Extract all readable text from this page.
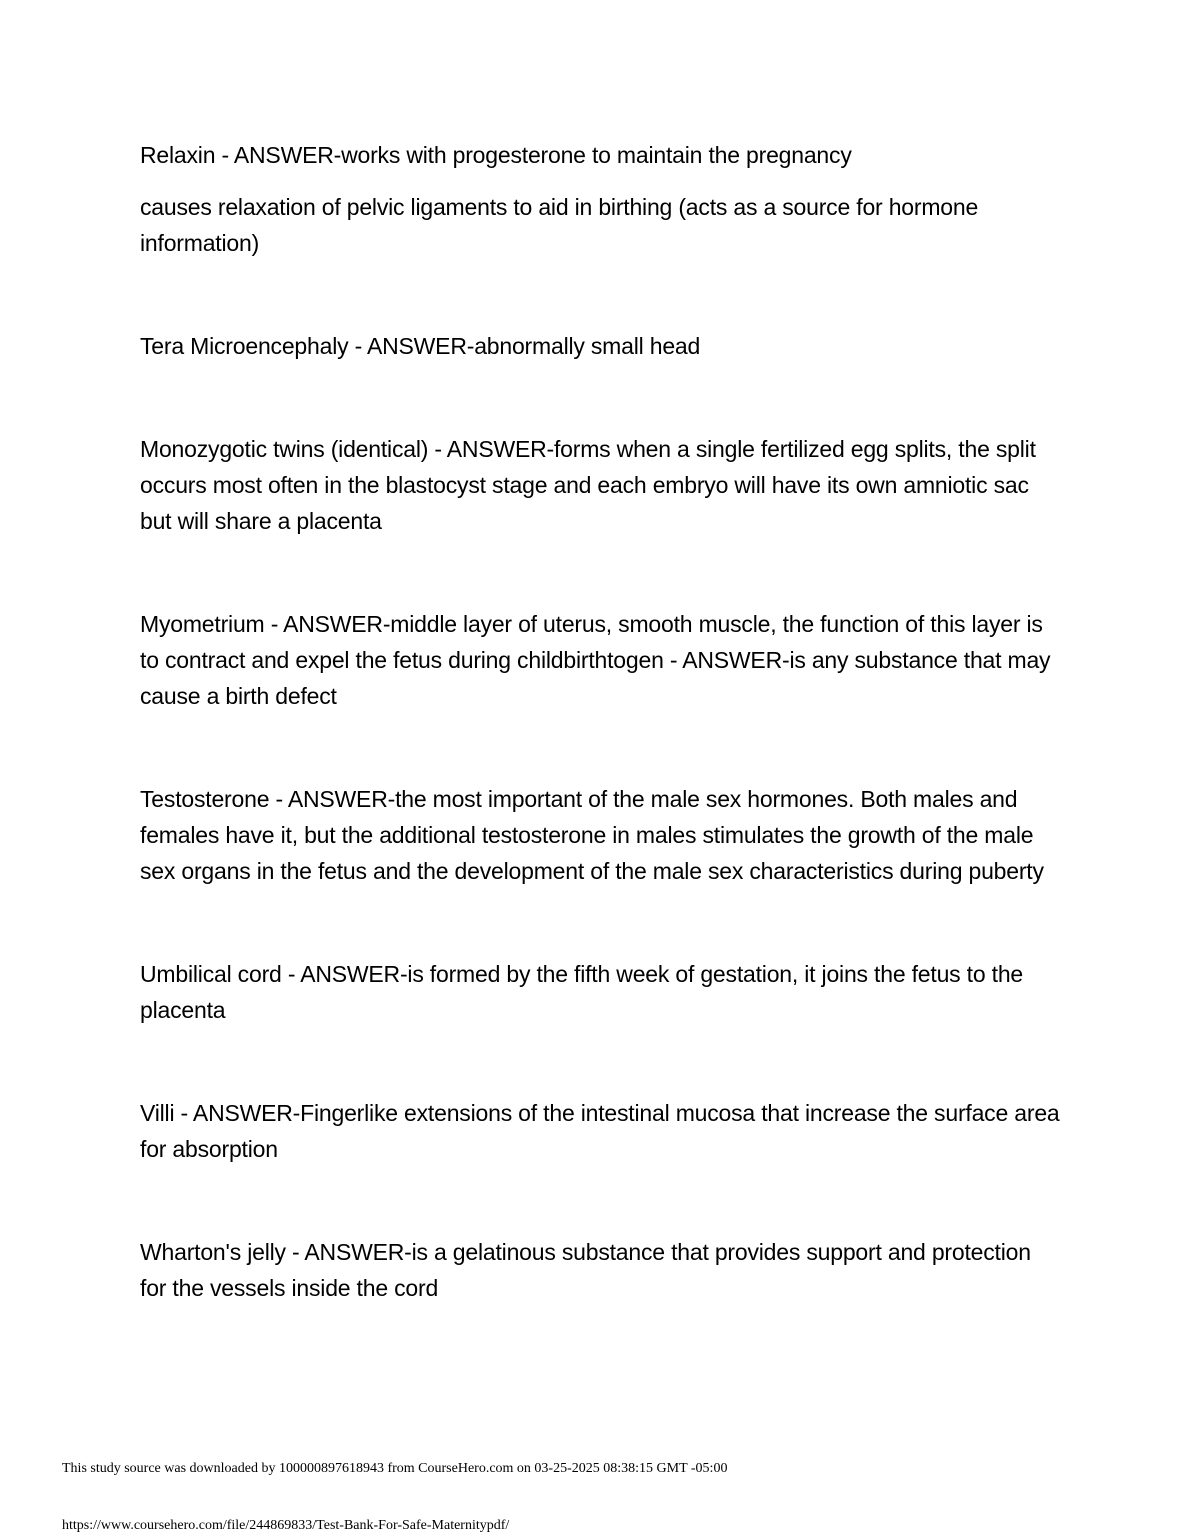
Relaxin - ANSWER-works with progesterone to maintain the pregnancy

causes relaxation of pelvic ligaments to aid in birthing (acts as a source for hormone information)

Tera Microencephaly - ANSWER-abnormally small head

Monozygotic twins (identical) - ANSWER-forms when a single fertilized egg splits, the split occurs most often in the blastocyst stage and each embryo will have its own amniotic sac but will share a placenta

Myometrium - ANSWER-middle layer of uterus, smooth muscle, the function of this layer is to contract and expel the fetus during childbirthtogen - ANSWER-is any substance that may cause a birth defect

Testosterone - ANSWER-the most important of the male sex hormones. Both males and females have it, but the additional testosterone in males stimulates the growth of the male sex organs in the fetus and the development of the male sex characteristics during puberty

Umbilical cord - ANSWER-is formed by the fifth week of gestation, it joins the fetus to the placenta

Villi - ANSWER-Fingerlike extensions of the intestinal mucosa that increase the surface area for absorption

Wharton's jelly - ANSWER-is a gelatinous substance that provides support and protection for the vessels inside the cord

This study source was downloaded by 100000897618943 from CourseHero.com on 03-25-2025 08:38:15 GMT -05:00
https://www.coursehero.com/file/244869833/Test-Bank-For-Safe-Maternitypdf/
